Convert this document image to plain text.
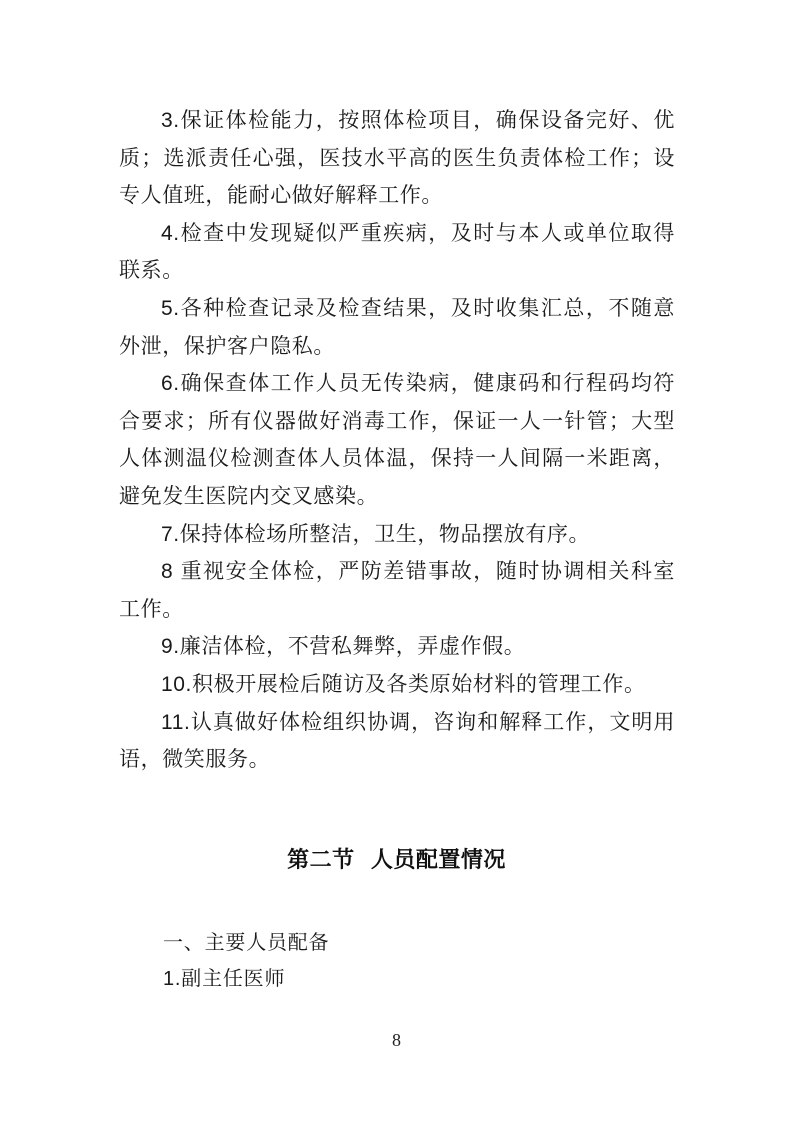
3.保证体检能力，按照体检项目，确保设备完好、优质；选派责任心强，医技水平高的医生负责体检工作；设专人值班，能耐心做好解释工作。

4.检查中发现疑似严重疾病，及时与本人或单位取得联系。

5.各种检查记录及检查结果，及时收集汇总，不随意外泄，保护客户隐私。

6.确保查体工作人员无传染病，健康码和行程码均符合要求；所有仪器做好消毒工作，保证一人一针管；大型人体测温仪检测查体人员体温，保持一人间隔一米距离，避免发生医院内交叉感染。

7.保持体检场所整洁，卫生，物品摆放有序。

8 重视安全体检，严防差错事故，随时协调相关科室工作。

9.廉洁体检，不营私舞弊，弄虚作假。

10.积极开展检后随访及各类原始材料的管理工作。

11.认真做好体检组织协调，咨询和解释工作，文明用语，微笑服务。

第二节  人员配置情况
一、主要人员配备
1.副主任医师
8
